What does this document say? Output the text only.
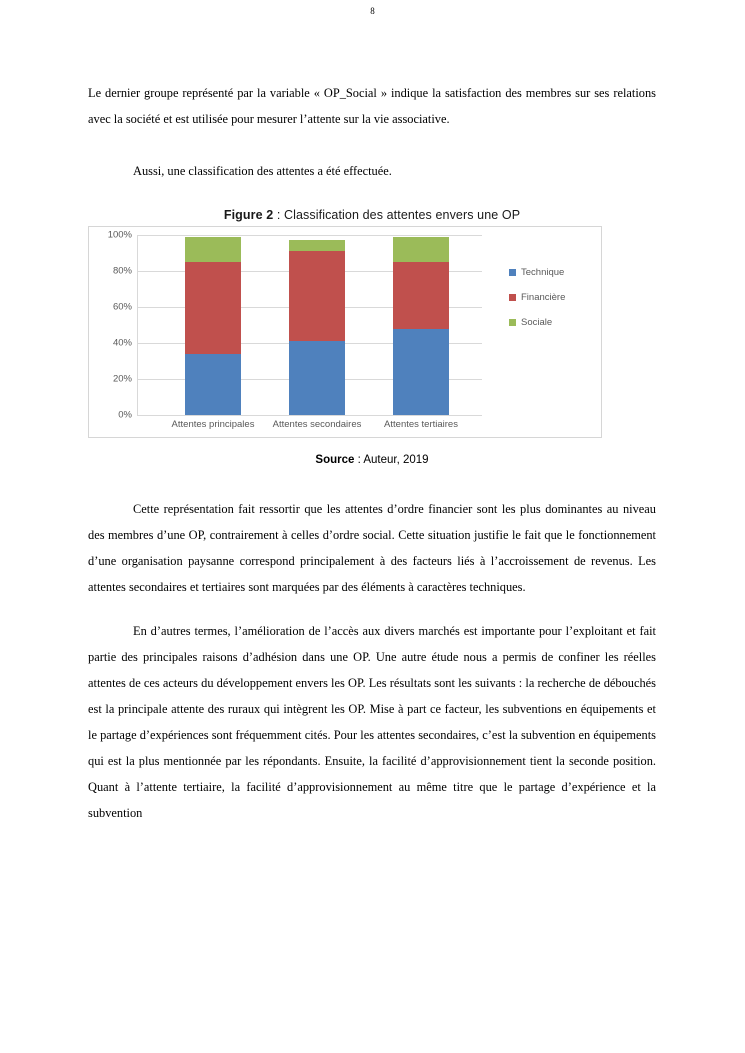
8

Le dernier groupe représenté par la variable « OP_Social » indique la satisfaction des membres sur ses relations avec la société et est utilisée pour mesurer l’attente sur la vie associative.

Aussi, une classification des attentes a été effectuée.

Figure 2 : Classification des attentes envers une OP
100%
80%
60%
40%
20%
0%
Attentes principales Attentes secondaires Attentes tertiaires
Technique
Financière
Sociale
Source : Auteur, 2019

Cette représentation fait ressortir que les attentes d’ordre financier sont les plus dominantes au niveau des membres d’une OP, contrairement à celles d’ordre social. Cette situation justifie le fait que le fonctionnement d’une organisation paysanne correspond principalement à des facteurs liés à l’accroissement de revenus. Les attentes secondaires et tertiaires sont marquées par des éléments à caractères techniques.

En d’autres termes, l’amélioration de l’accès aux divers marchés est importante pour l’exploitant et fait partie des principales raisons d’adhésion dans une OP. Une autre étude nous a permis de confiner les réelles attentes de ces acteurs du développement envers les OP. Les résultats sont les suivants : la recherche de débouchés est la principale attente des ruraux qui intègrent les OP. Mise à part ce facteur, les subventions en équipements et le partage d’expériences sont fréquemment cités. Pour les attentes secondaires, c’est la subvention en équipements qui est la plus mentionnée par les répondants. Ensuite, la facilité d’approvisionnement tient la seconde position. Quant à l’attente tertiaire, la facilité d’approvisionnement au même titre que le partage d’expérience et la subvention
